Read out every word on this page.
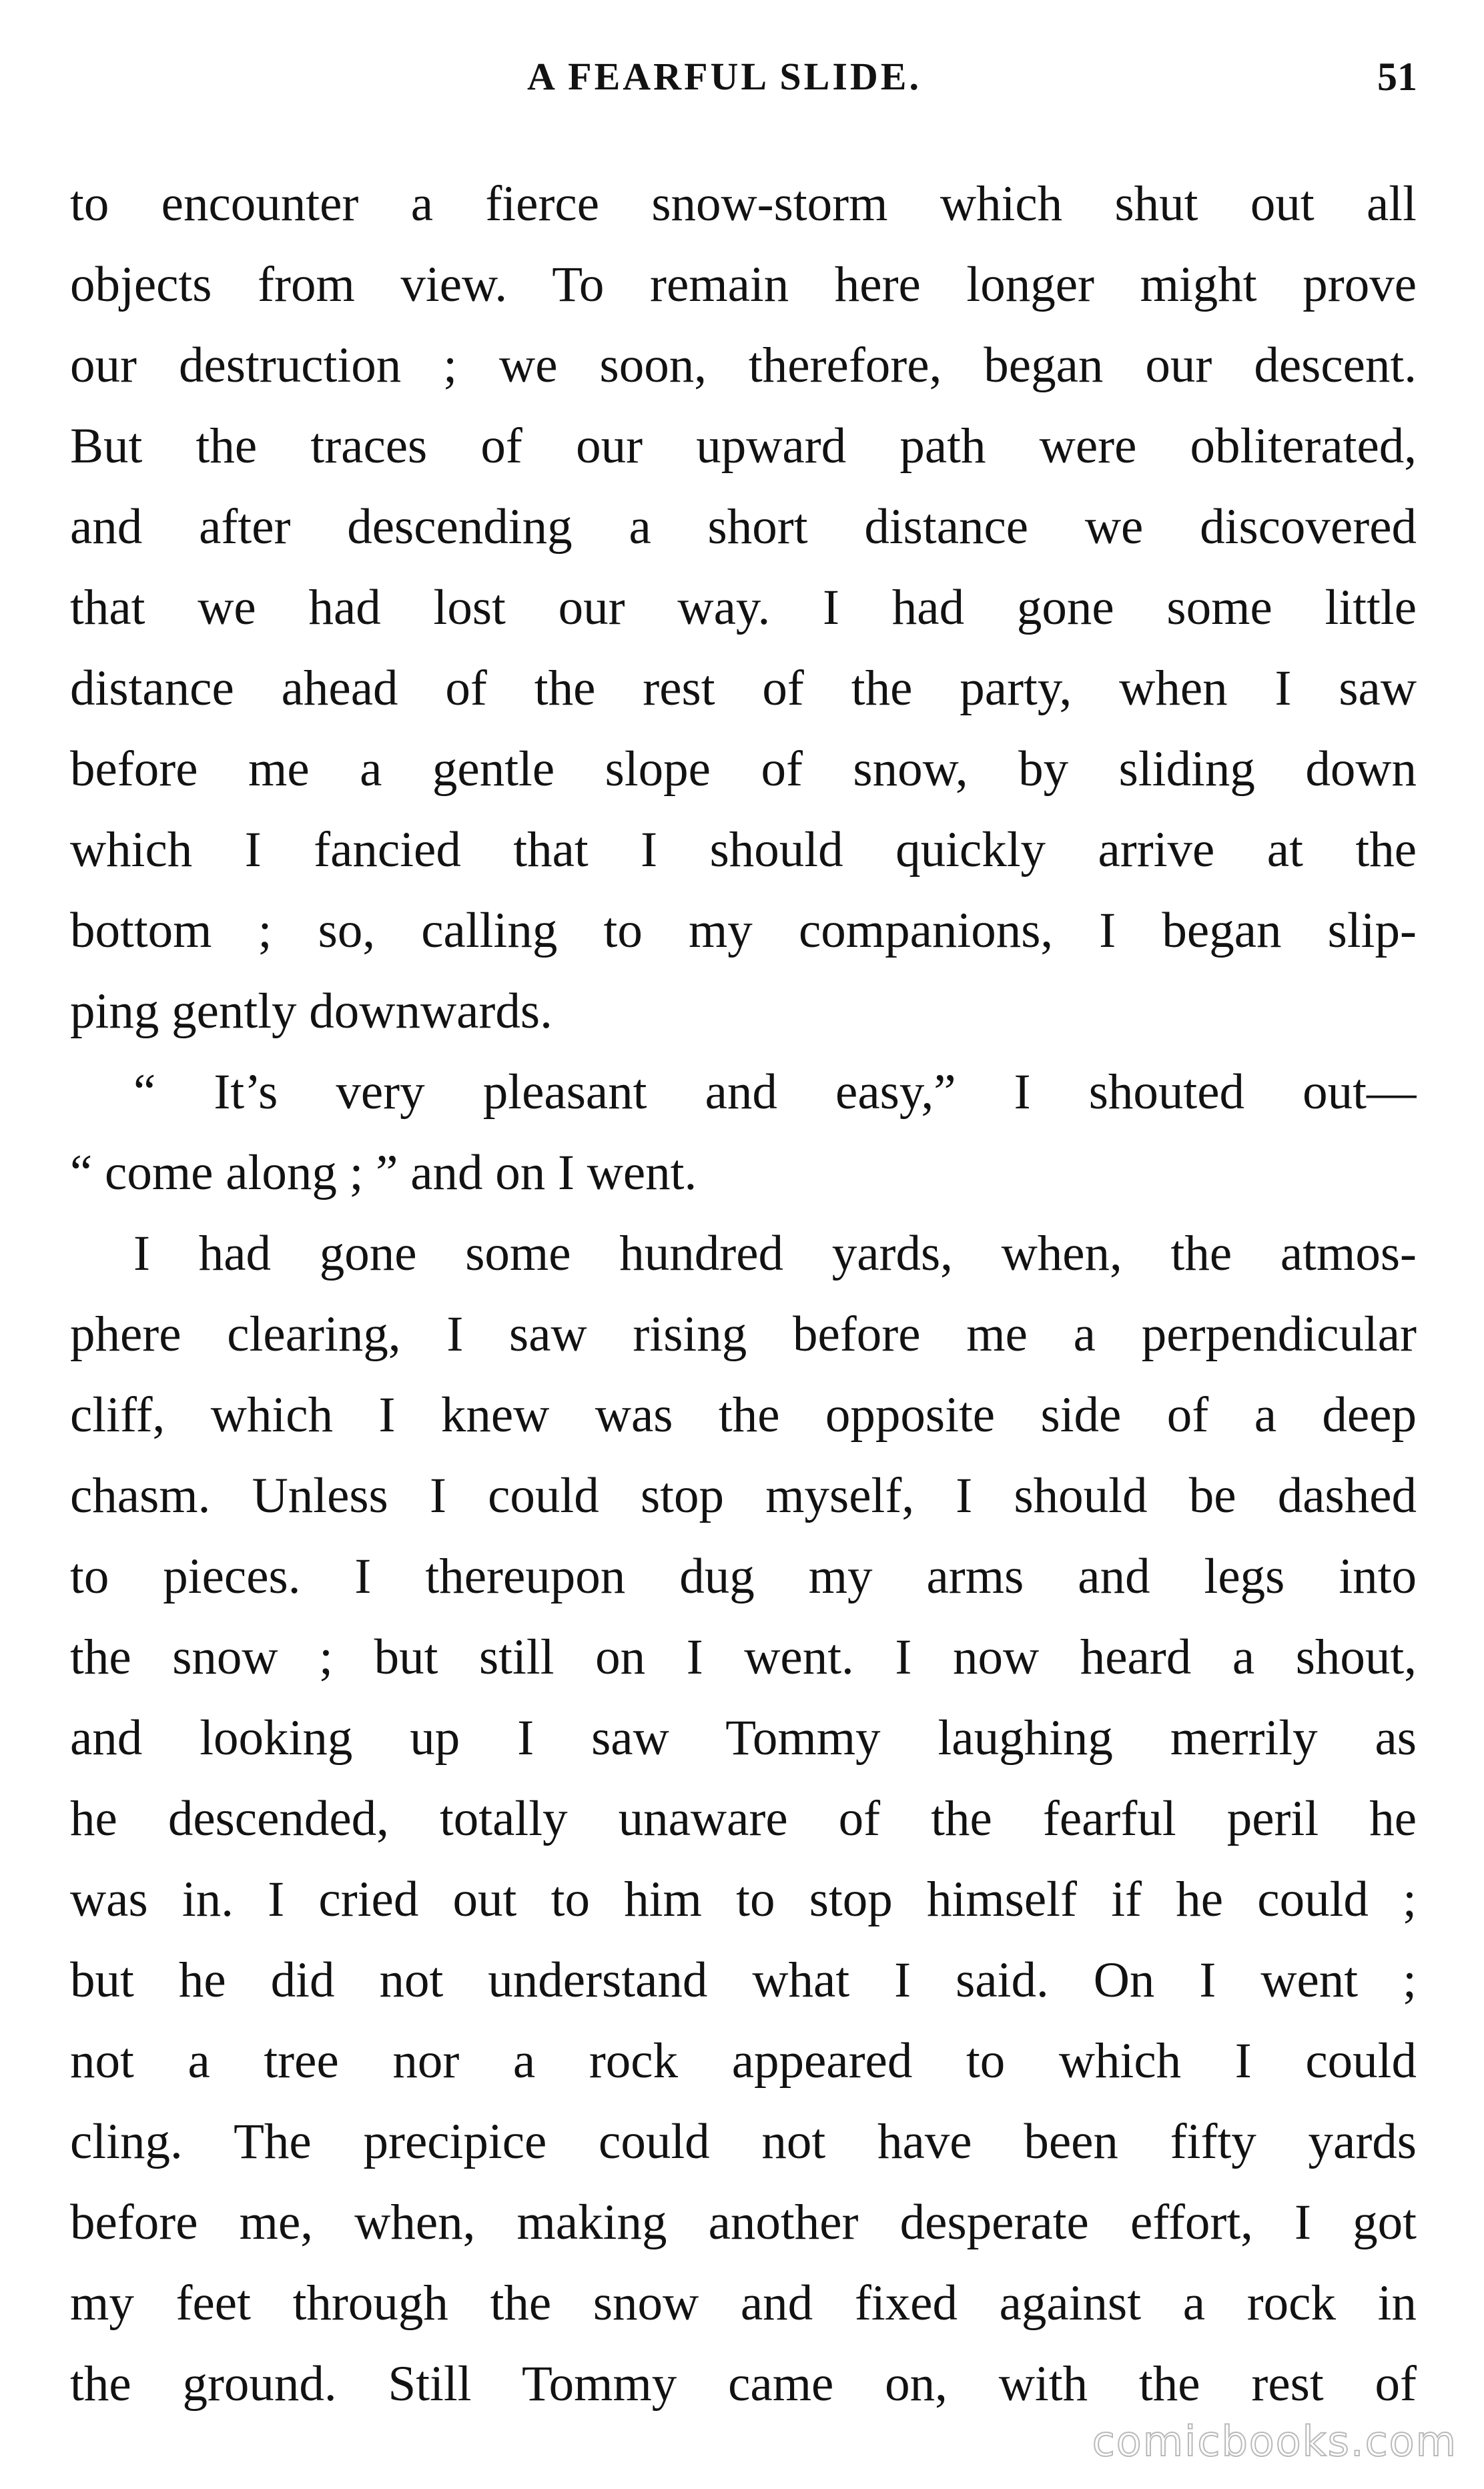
A FEARFUL SLIDE.	51
to encounter a fierce snow-storm which shut out all
objects from view. To remain here longer might prove
our destruction ; we soon, therefore, began our descent.
But the traces of our upward path were obliterated,
and after descending a short distance we discovered
that we had lost our way. I had gone some little
distance ahead of the rest of the party, when I saw
before me a gentle slope of snow, by sliding down
which I fancied that I should quickly arrive at the
bottom ; so, calling to my companions, I began slip-
ping gently downwards.
“ It’s very pleasant and easy,” I shouted out—
“ come along ; ” and on I went.
I had gone some hundred yards, when, the atmos-
phere clearing, I saw rising before me a perpendicular
cliff, which I knew was the opposite side of a deep
chasm. Unless I could stop myself, I should be dashed
to pieces. I thereupon dug my arms and legs into
the snow ; but still on I went. I now heard a shout,
and looking up I saw Tommy laughing merrily as
he descended, totally unaware of the fearful peril he
was in. I cried out to him to stop himself if he could ;
but he did not understand what I said. On I went ;
not a tree nor a rock appeared to which I could
cling. The precipice could not have been fifty yards
before me, when, making another desperate effort, I got
my feet through the snow and fixed against a rock in
the ground. Still Tommy came on, with the rest of
comicbooks.com
